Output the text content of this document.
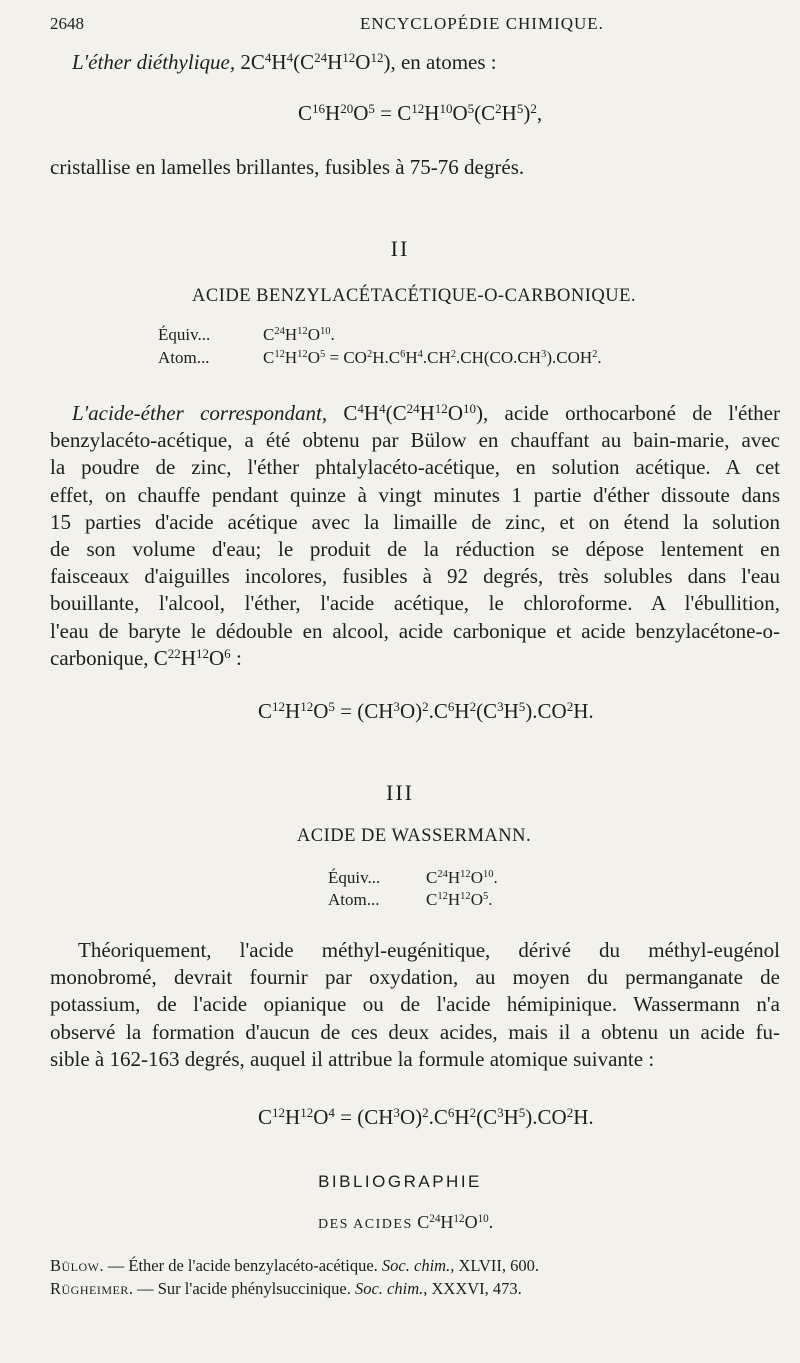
2648	ENCYCLOPÉDIE CHIMIQUE.
L'éther diéthylique, $2C^4H^4(C^{24}H^{12}O^{12})$, en atomes :
$C^{16}H^{20}O^5 = C^{12}H^{10}O^5(C^2H^5)^2$,
cristallise en lamelles brillantes, fusibles à 75-76 degrés.
II
ACIDE BENZYLACÉTACÉTIQUE-O-CARBONIQUE.
Équiv...	$C^{24}H^{12}O^{10}$.
Atom...	$C^{12}H^{12}O^5 = CO^2H.C^6H^4.CH^2.CH(CO.CH^3).COH^2$.
L'acide-éther correspondant, $C^4H^4(C^{24}H^{12}O^{10})$, acide orthocarboné de l'éther
benzylacéto-acétique, a été obtenu par Bülow en chauffant au bain-marie, avec
la poudre de zinc, l'éther phtalylacéto-acétique, en solution acétique. A cet
effet, on chauffe pendant quinze à vingt minutes 1 partie d'éther dissoute dans
15 parties d'acide acétique avec la limaille de zinc, et on étend la solution
de son volume d'eau; le produit de la réduction se dépose lentement en
faisceaux d'aiguilles incolores, fusibles à 92 degrés, très solubles dans l'eau
bouillante, l'alcool, l'éther, l'acide acétique, le chloroforme. A l'ébullition,
l'eau de baryte le dédouble en alcool, acide carbonique et acide benzylacétone-o-
carbonique, $C^{22}H^{12}O^6$ :
$C^{12}H^{12}O^5 = (CH^3O)^2.C^6H^2(C^3H^5).CO^2H$.
III
ACIDE DE WASSERMANN.
Équiv...	$C^{24}H^{12}O^{10}$.
Atom...	$C^{12}H^{12}O^5$.
Théoriquement, l'acide méthyl-eugénitique, dérivé du méthyl-eugénol
monobromé, devrait fournir par oxydation, au moyen du permanganate de
potassium, de l'acide opianique ou de l'acide hémipinique. Wassermann n'a
observé la formation d'aucun de ces deux acides, mais il a obtenu un acide fu-
sible à 162-163 degrés, auquel il attribue la formule atomique suivante :
$C^{12}H^{12}O^4 = (CH^3O)^2.C^6H^2(C^3H^5).CO^2H$.
BIBLIOGRAPHIE
DES ACIDES $C^{24}H^{12}O^{10}$.
Bülow. — Éther de l'acide benzylacéto-acétique. Soc. chim., XLVII, 600.
Rügheimer. — Sur l'acide phénylsuccinique. Soc. chim., XXXVI, 473.
